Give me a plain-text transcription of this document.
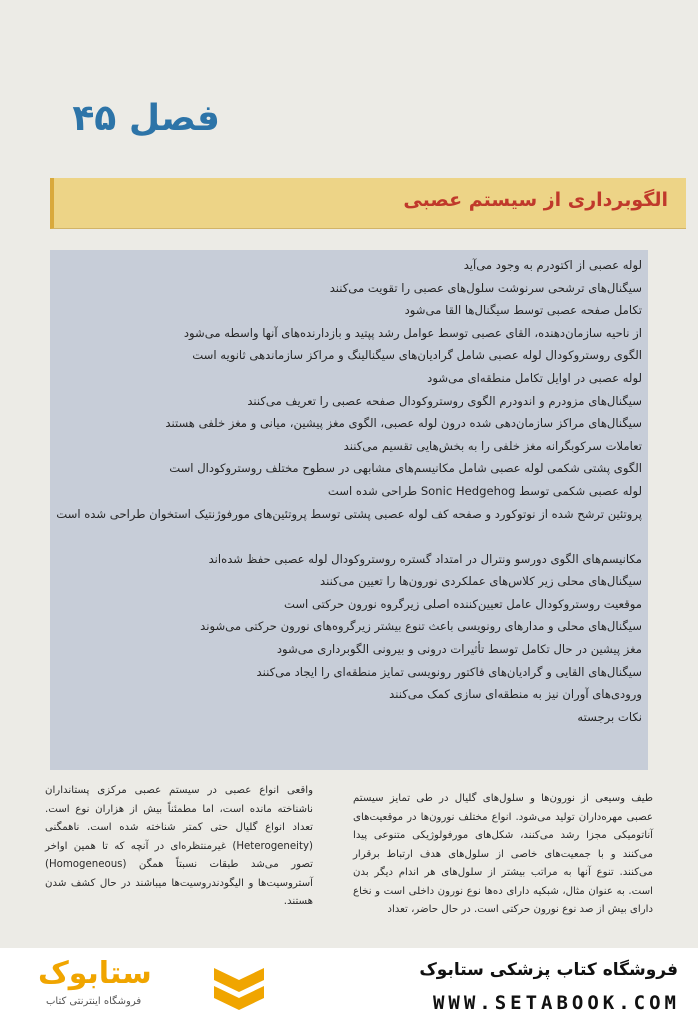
فصل ۴۵
الگوبرداری از سیستم عصبی
لوله عصبی از اکتودرم به وجود می‌آید
سیگنال‌های ترشحی سرنوشت سلول‌های عصبی را تقویت می‌کنند
تکامل صفحه عصبی توسط سیگنال‌ها القا می‌شود
از ناحیه سازمان‌دهنده، القای عصبی توسط عوامل رشد پپتید و بازدارنده‌های آنها واسطه می‌شود
الگوی روستروکودال لوله عصبی شامل گرادیان‌های سیگنالینگ و مراکز سازماندهی ثانویه است
لوله عصبی در اوایل تکامل منطقه‌ای می‌شود
سیگنال‌های مزودرم و اندودرم الگوی روستروکودال صفحه عصبی را تعریف می‌کنند
سیگنال‌های مراکز سازمان‌دهی شده درون لوله عصبی، الگوی مغز پیشین، میانی و مغز خلفی هستند
تعاملات سرکوبگرانه مغز خلفی را به بخش‌هایی تقسیم می‌کنند
الگوی پشتی شکمی لوله عصبی شامل مکانیسم‌های مشابهی در سطوح مختلف روستروکودال است
لوله عصبی شکمی توسط Sonic Hedgehog طراحی شده است
پروتئین ترشح شده از نوتوکورد و صفحه کف لوله عصبی پشتی توسط پروتئین‌های مورفوژنتیک استخوان طراحی شده است
مکانیسم‌های الگوی دورسو ونترال در امتداد گستره روستروکودال لوله عصبی حفظ شده‌اند
سیگنال‌های محلی زیر کلاس‌های عملکردی نورون‌ها را تعیین می‌کنند
موقعیت روستروکودال عامل تعیین‌کننده اصلی زیرگروه نورون حرکتی است
سیگنال‌های محلی و مدارهای رونویسی باعث تنوع بیشتر زیرگروه‌های نورون حرکتی می‌شوند
مغز پیشین در حال تکامل توسط تأثیرات درونی و بیرونی الگوبرداری می‌شود
سیگنال‌های القایی و گرادیان‌های فاکتور رونویسی تمایز منطقه‌ای را ایجاد می‌کنند
ورودی‌های آوران نیز به منطقه‌ای سازی کمک می‌کنند
نکات برجسته
طیف وسیعی از نورون‌ها و سلول‌های گلیال در طی تمایز سیستم عصبی مهره‌داران تولید می‌شود. انواع مختلف نورون‌ها در موقعیت‌های آناتومیکی مجزا رشد می‌کنند، شکل‌های مورفولوژیکی متنوعی پیدا می‌کنند و با جمعیت‌های خاصی از سلول‌های هدف ارتباط برقرار می‌کنند. تنوع آنها به مراتب بیشتر از سلول‌های هر اندام دیگر بدن است. به عنوان مثال، شبکیه دارای ده‌ها نوع نورون داخلی است و نخاع دارای بیش از صد نوع نورون حرکتی است. در حال حاضر، تعداد
واقعی انواع عصبی در سیستم عصبی مرکزی پستانداران ناشناخته مانده است، اما مطمئناً بیش از هزاران نوع است. تعداد انواع گلیال حتی کمتر شناخته شده است. ناهمگنی (Heterogeneity) غیرمنتظره‌ای در آنچه که تا همین اواخر تصور می‌شد طبقات نسبتاً همگن (Homogeneous) آستروسیت‌ها و الیگودندروسیت‌ها میباشند در حال کشف شدن هستند.
ستابوک
فروشگاه اینترنتی کتاب
فروشگاه کتاب پزشکی ستابوک
WWW.SETABOOK.COM
